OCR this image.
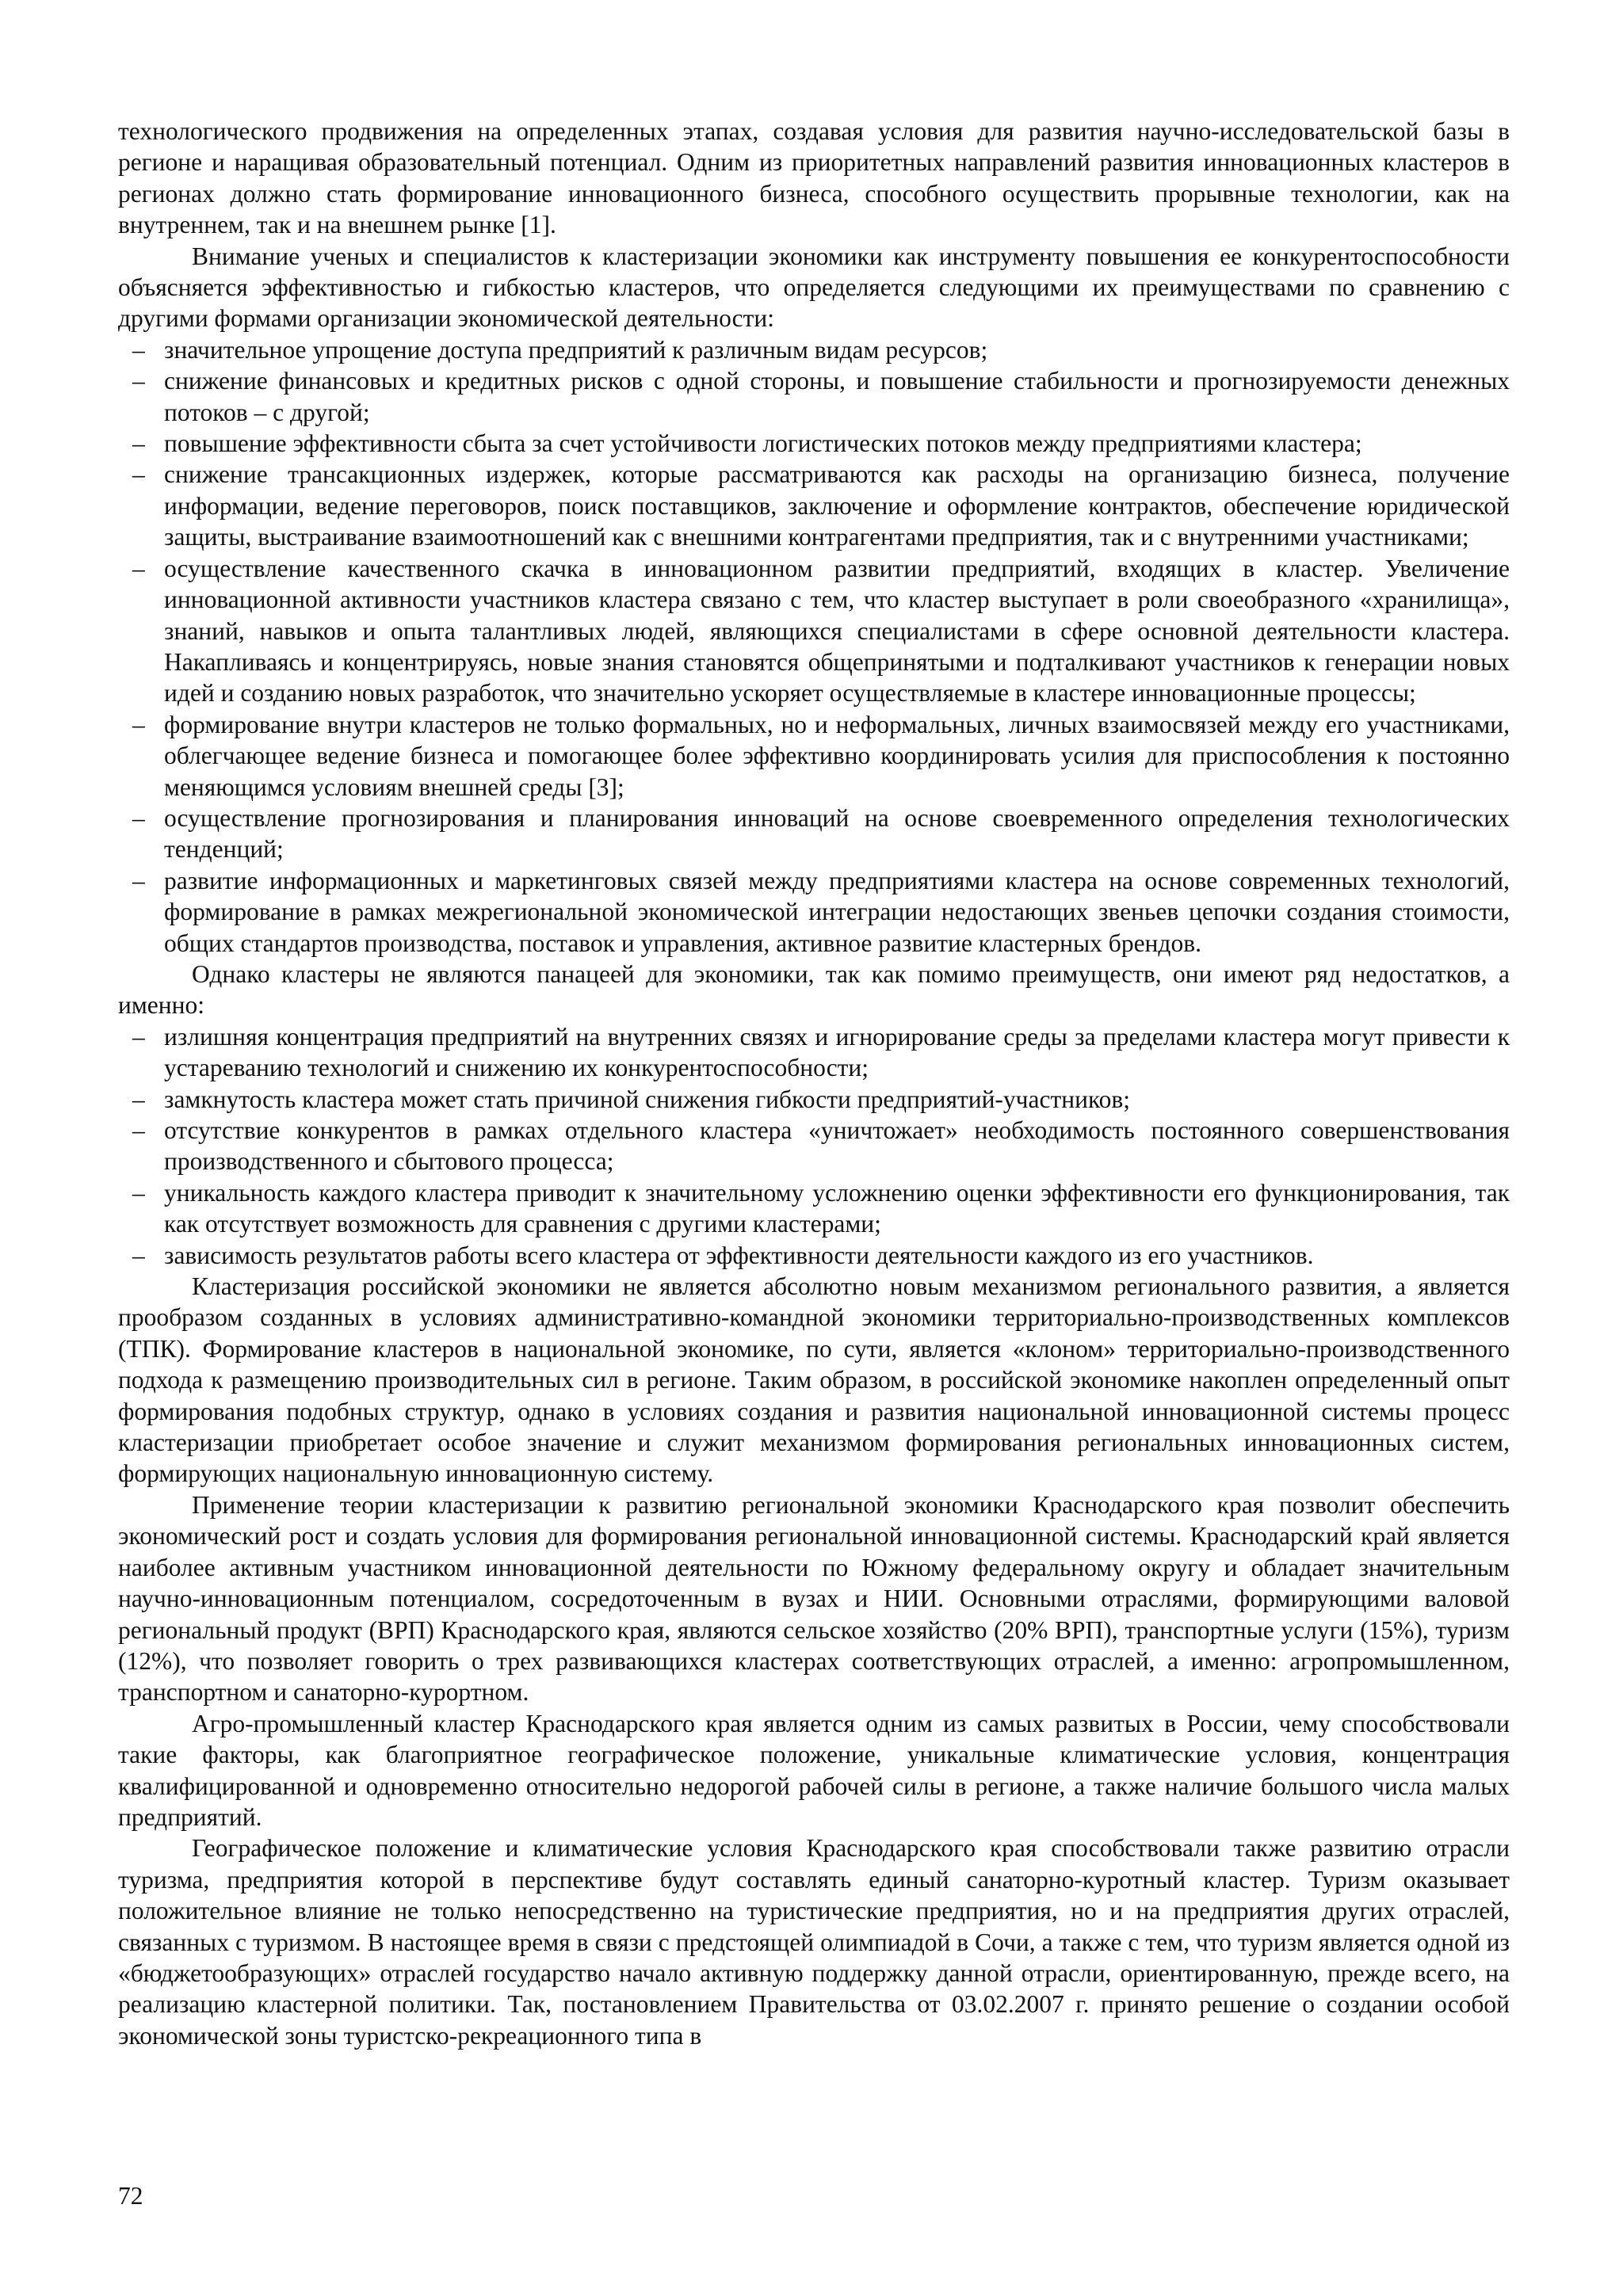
технологического продвижения на определенных этапах, создавая условия для развития научно-исследовательской базы в регионе и наращивая образовательный потенциал. Одним из приоритетных направлений развития инновационных кластеров в регионах должно стать формирование инновационного бизнеса, способного осуществить прорывные технологии, как на внутреннем, так и на внешнем рынке [1].

Внимание ученых и специалистов к кластеризации экономики как инструменту повышения ее конкурентоспособности объясняется эффективностью и гибкостью кластеров, что определяется следующими их преимуществами по сравнению с другими формами организации экономической деятельности:

– значительное упрощение доступа предприятий к различным видам ресурсов;
– снижение финансовых и кредитных рисков с одной стороны, и повышение стабильности и прогнозируемости денежных потоков – с другой;
– повышение эффективности сбыта за счет устойчивости логистических потоков между предприятиями кластера;
– снижение трансакционных издержек, которые рассматриваются как расходы на организацию бизнеса, получение информации, ведение переговоров, поиск поставщиков, заключение и оформление контрактов, обеспечение юридической защиты, выстраивание взаимоотношений как с внешними контрагентами предприятия, так и с внутренними участниками;
– осуществление качественного скачка в инновационном развитии предприятий, входящих в кластер. Увеличение инновационной активности участников кластера связано с тем, что кластер выступает в роли своеобразного «хранилища», знаний, навыков и опыта талантливых людей, являющихся специалистами в сфере основной деятельности кластера. Накапливаясь и концентрируясь, новые знания становятся общепринятыми и подталкивают участников к генерации новых идей и созданию новых разработок, что значительно ускоряет осуществляемые в кластере инновационные процессы;
– формирование внутри кластеров не только формальных, но и неформальных, личных взаимосвязей между его участниками, облегчающее ведение бизнеса и помогающее более эффективно координировать усилия для приспособления к постоянно меняющимся условиям внешней среды [3];
– осуществление прогнозирования и планирования инноваций на основе своевременного определения технологических тенденций;
– развитие информационных и маркетинговых связей между предприятиями кластера на основе современных технологий, формирование в рамках межрегиональной экономической интеграции недостающих звеньев цепочки создания стоимости, общих стандартов производства, поставок и управления, активное развитие кластерных брендов.

Однако кластеры не являются панацеей для экономики, так как помимо преимуществ, они имеют ряд недостатков, а именно:

– излишняя концентрация предприятий на внутренних связях и игнорирование среды за пределами кластера могут привести к устареванию технологий и снижению их конкурентоспособности;
– замкнутость кластера может стать причиной снижения гибкости предприятий-участников;
– отсутствие конкурентов в рамках отдельного кластера «уничтожает» необходимость постоянного совершенствования производственного и сбытового процесса;
– уникальность каждого кластера приводит к значительному усложнению оценки эффективности его функционирования, так как отсутствует возможность для сравнения с другими кластерами;
– зависимость результатов работы всего кластера от эффективности деятельности каждого из его участников.

Кластеризация российской экономики не является абсолютно новым механизмом регионального развития, а является прообразом созданных в условиях административно-командной экономики территориально-производственных комплексов (ТПК). Формирование кластеров в национальной экономике, по сути, является «клоном» территориально-производственного подхода к размещению производительных сил в регионе. Таким образом, в российской экономике накоплен определенный опыт формирования подобных структур, однако в условиях создания и развития национальной инновационной системы процесс кластеризации приобретает особое значение и служит механизмом формирования региональных инновационных систем, формирующих национальную инновационную систему.

Применение теории кластеризации к развитию региональной экономики Краснодарского края позволит обеспечить экономический рост и создать условия для формирования региональной инновационной системы. Краснодарский край является наиболее активным участником инновационной деятельности по Южному федеральному округу и обладает значительным научно-инновационным потенциалом, сосредоточенным в вузах и НИИ. Основными отраслями, формирующими валовой региональный продукт (ВРП) Краснодарского края, являются сельское хозяйство (20% ВРП), транспортные услуги (15%), туризм (12%), что позволяет говорить о трех развивающихся кластерах соответствующих отраслей, а именно: агропромышленном, транспортном и санаторно-курортном.

Агро-промышленный кластер Краснодарского края является одним из самых развитых в России, чему способствовали такие факторы, как благоприятное географическое положение, уникальные климатические условия, концентрация квалифицированной и одновременно относительно недорогой рабочей силы в регионе, а также наличие большого числа малых предприятий.

Географическое положение и климатические условия Краснодарского края способствовали также развитию отрасли туризма, предприятия которой в перспективе будут составлять единый санаторно-куротный кластер. Туризм оказывает положительное влияние не только непосредственно на туристические предприятия, но и на предприятия других отраслей, связанных с туризмом. В настоящее время в связи с предстоящей олимпиадой в Сочи, а также с тем, что туризм является одной из «бюджетообразующих» отраслей государство начало активную поддержку данной отрасли, ориентированную, прежде всего, на реализацию кластерной политики. Так, постановлением Правительства от 03.02.2007 г. принято решение о создании особой экономической зоны туристско-рекреационного типа в

72
